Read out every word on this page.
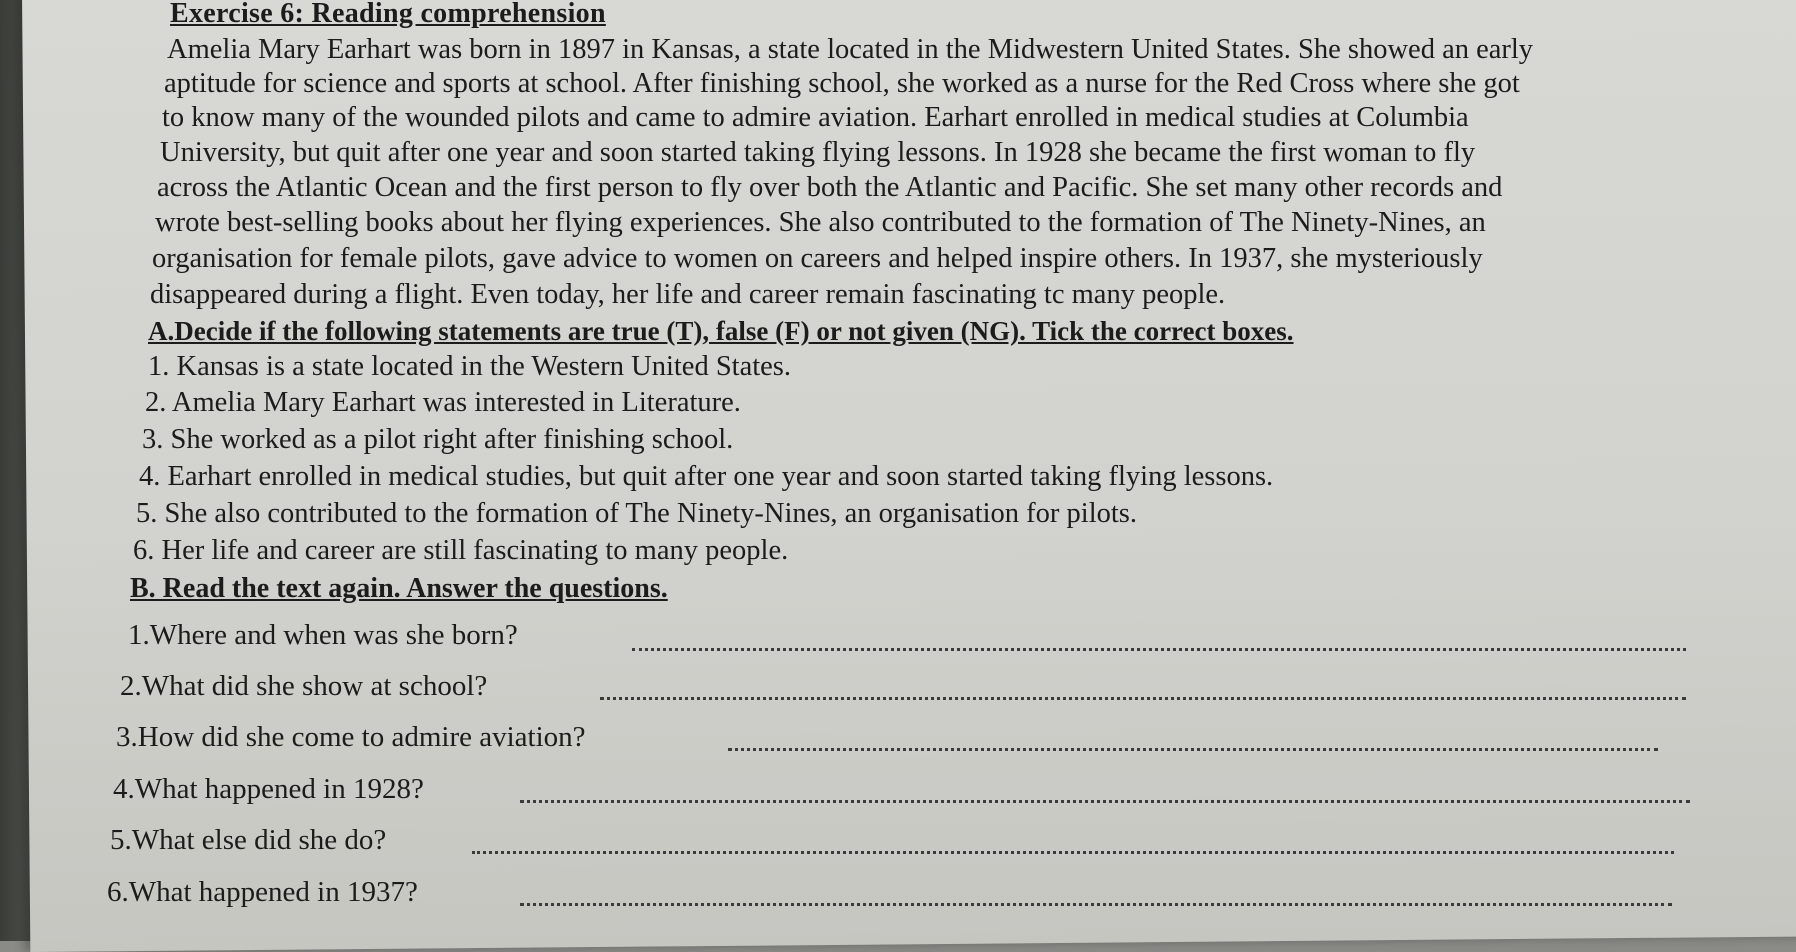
Exercise 6: Reading comprehension
Amelia Mary Earhart was born in 1897 in Kansas, a state located in the Midwestern United States. She showed an early
aptitude for science and sports at school. After finishing school, she worked as a nurse for the Red Cross where she got
to know many of the wounded pilots and came to admire aviation. Earhart enrolled in medical studies at Columbia
University, but quit after one year and soon started taking flying lessons. In 1928 she became the first woman to fly
across the Atlantic Ocean and the first person to fly over both the Atlantic and Pacific. She set many other records and
wrote best-selling books about her flying experiences. She also contributed to the formation of The Ninety-Nines, an
organisation for female pilots, gave advice to women on careers and helped inspire others. In 1937, she mysteriously
disappeared during a flight. Even today, her life and career remain fascinating tc many people.
A.Decide if the following statements are true (T), false (F) or not given (NG). Tick the correct boxes.
1. Kansas is a state located in the Western United States.
2. Amelia Mary Earhart was interested in Literature.
3. She worked as a pilot right after finishing school.
4. Earhart enrolled in medical studies, but quit after one year and soon started taking flying lessons.
5. She also contributed to the formation of The Ninety-Nines, an organisation for pilots.
6. Her life and career are still fascinating to many people.
B. Read the text again. Answer the questions.
1.Where and when was she born?
2.What did she show at school?
3.How did she come to admire aviation?
4.What happened in 1928?
5.What else did she do?
6.What happened in 1937?
